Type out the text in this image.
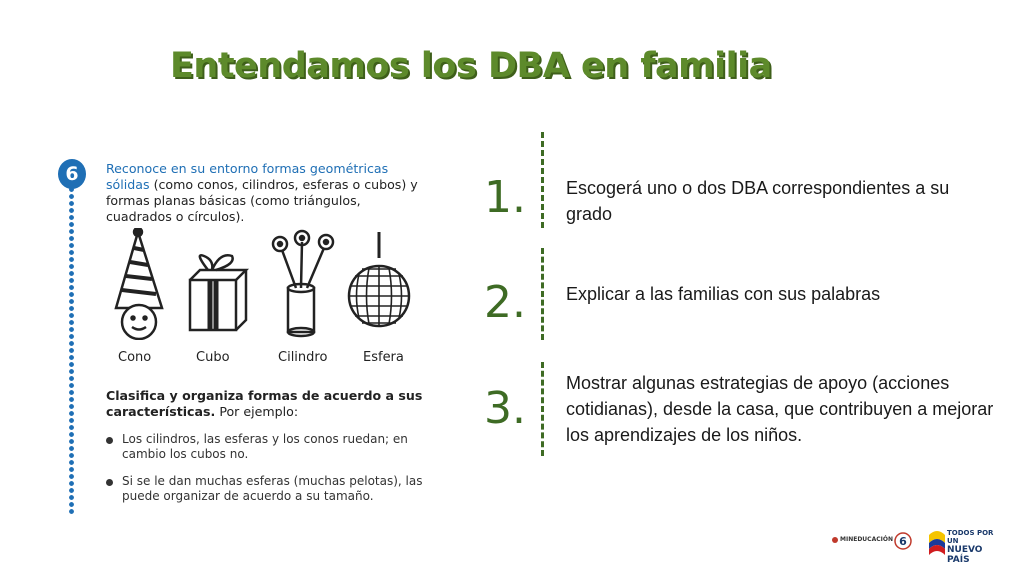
Entendamos los DBA en familia
6	Reconoce en su entorno formas geométricas sólidas (como conos, cilindros, esferas o cubos) y formas planas básicas (como triángulos, cuadrados o círculos).
Cono	Cubo	Cilindro	Esfera
Clasifica y organiza formas de acuerdo a sus características. Por ejemplo:
Los cilindros, las esferas y los conos ruedan; en cambio los cubos no.
Si se le dan muchas esferas (muchas pelotas), las puede organizar de acuerdo a su tamaño.
1.	Escogerá uno o dos DBA correspondientes a su grado
2.	Explicar a las familias con sus palabras
3.	Mostrar algunas estrategias de apoyo (acciones cotidianas), desde la casa, que contribuyen a mejorar los aprendizajes de los niños.
MINEDUCACIÓN 6
TODOS POR UN
NUEVO PAÍS
